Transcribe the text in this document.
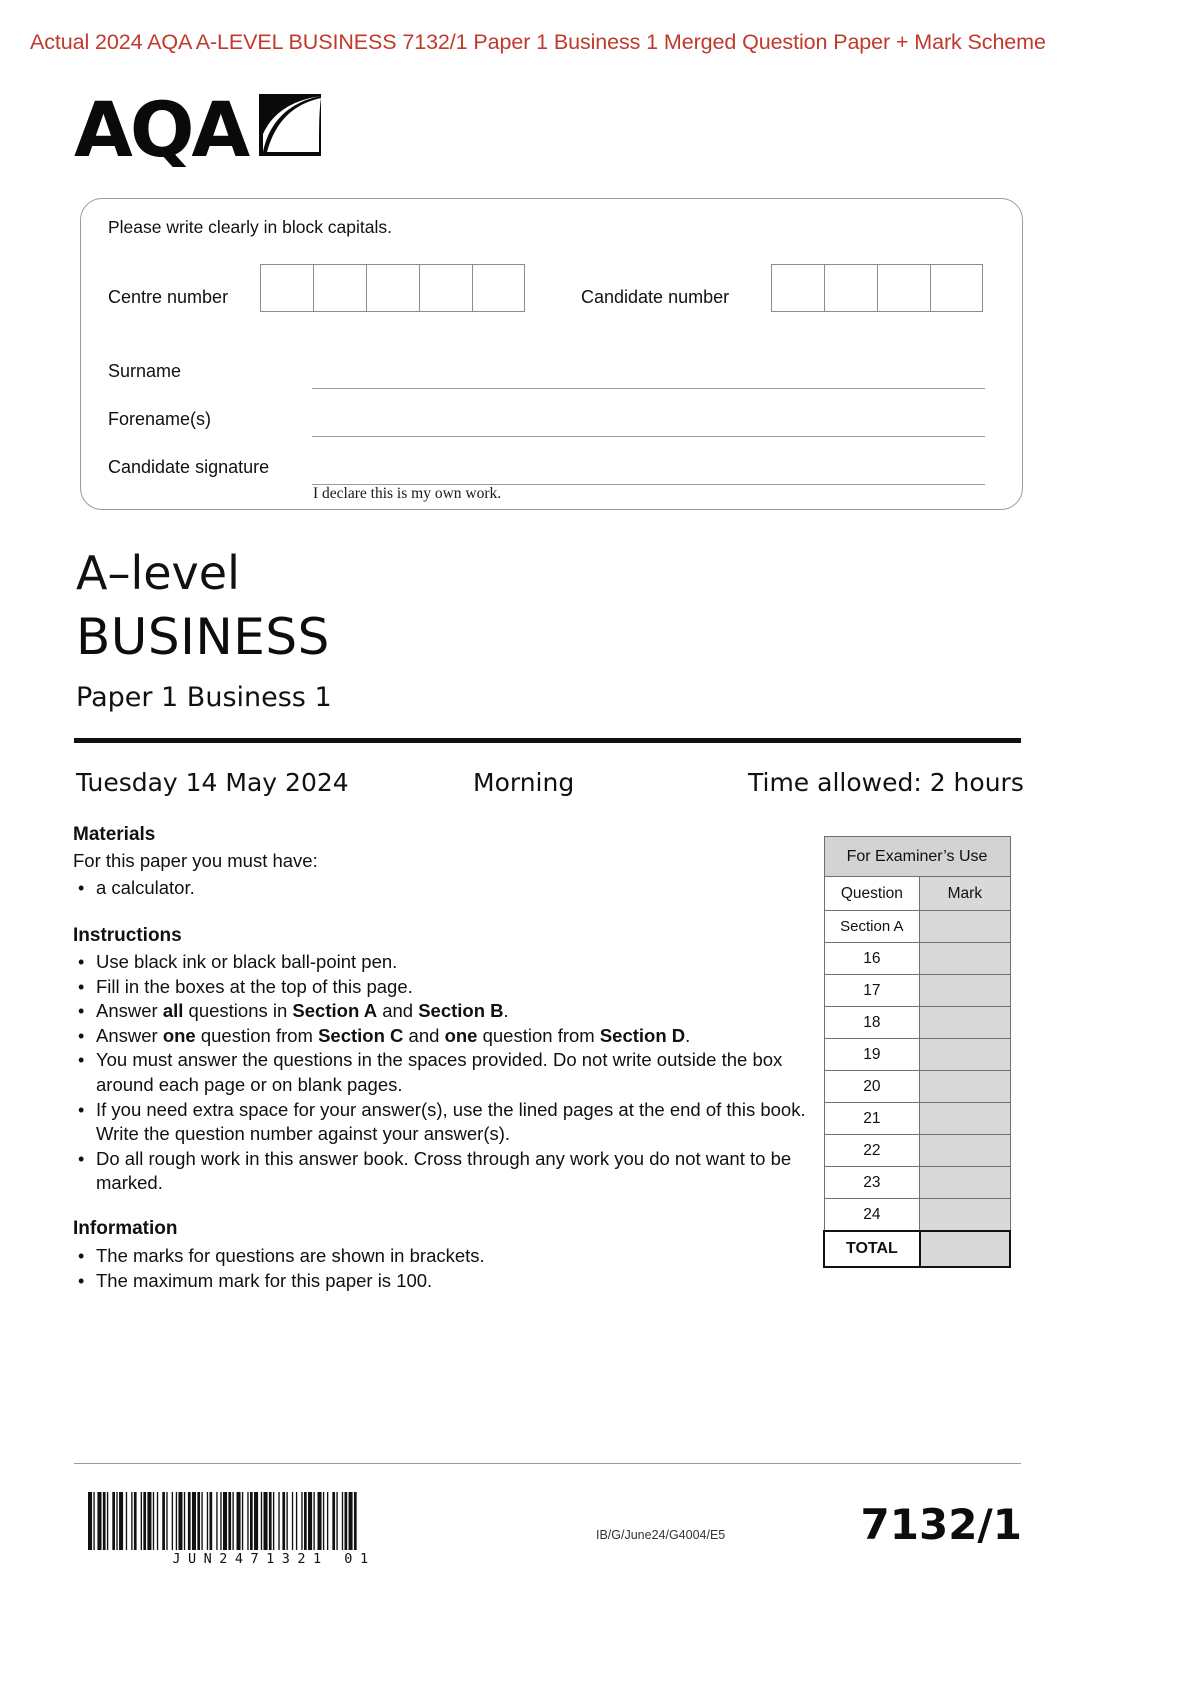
Actual 2024 AQA A-LEVEL BUSINESS 7132/1 Paper 1 Business 1 Merged Question Paper + Mark Scheme
AQA
Please write clearly in block capitals.
Centre number	Candidate number
Surname
Forename(s)
Candidate signature
I declare this is my own work.
A–level
BUSINESS
Paper 1 Business 1
Tuesday 14 May 2024	Morning	Time allowed: 2 hours
Materials
For this paper you must have:
• a calculator.
Instructions
• Use black ink or black ball-point pen.
• Fill in the boxes at the top of this page.
• Answer all questions in Section A and Section B.
• Answer one question from Section C and one question from Section D.
• You must answer the questions in the spaces provided. Do not write outside the box around each page or on blank pages.
• If you need extra space for your answer(s), use the lined pages at the end of this book. Write the question number against your answer(s).
• Do all rough work in this answer book. Cross through any work you do not want to be marked.
Information
• The marks for questions are shown in brackets.
• The maximum mark for this paper is 100.
For Examiner’s Use	
Question	Mark
Section A	
16	
17	
18	
19	
20	
21	
22	
23	
24	
TOTAL	
JUN2471321 01
IB/G/June24/G4004/E5	7132/1
